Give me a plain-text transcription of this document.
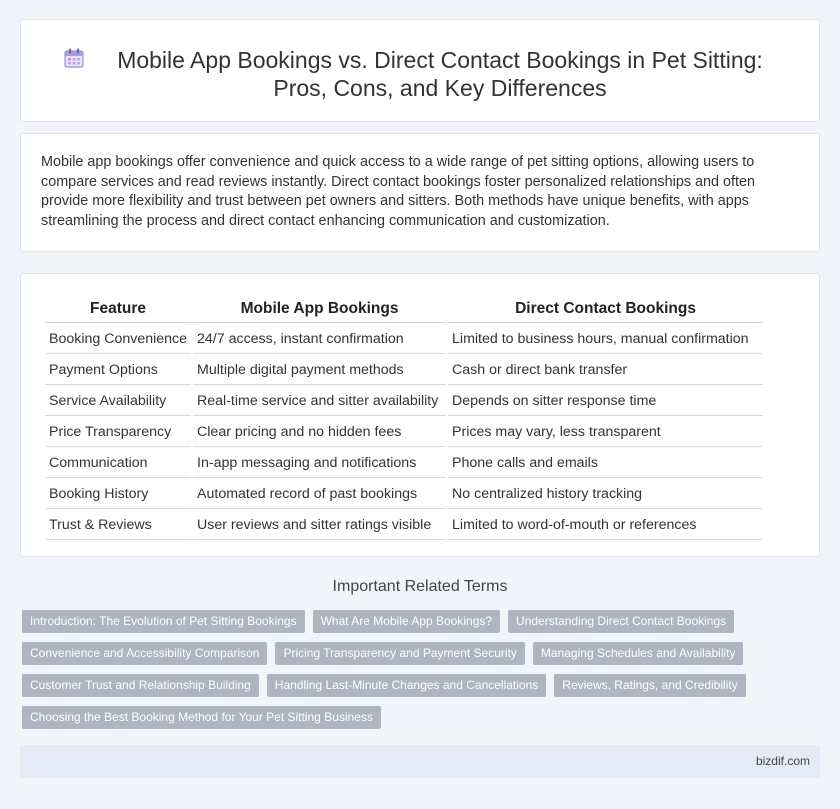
Mobile App Bookings vs. Direct Contact Bookings in Pet Sitting: Pros, Cons, and Key Differences

Mobile app bookings offer convenience and quick access to a wide range of pet sitting options, allowing users to compare services and read reviews instantly. Direct contact bookings foster personalized relationships and often provide more flexibility and trust between pet owners and sitters. Both methods have unique benefits, with apps streamlining the process and direct contact enhancing communication and customization.

Feature	Mobile App Bookings	Direct Contact Bookings
Booking Convenience	24/7 access, instant confirmation	Limited to business hours, manual confirmation
Payment Options	Multiple digital payment methods	Cash or direct bank transfer
Service Availability	Real-time service and sitter availability	Depends on sitter response time
Price Transparency	Clear pricing and no hidden fees	Prices may vary, less transparent
Communication	In-app messaging and notifications	Phone calls and emails
Booking History	Automated record of past bookings	No centralized history tracking
Trust & Reviews	User reviews and sitter ratings visible	Limited to word-of-mouth or references
Important Related Terms
Introduction: The Evolution of Pet Sitting Bookings	What Are Mobile App Bookings?	Understanding Direct Contact Bookings
Convenience and Accessibility Comparison	Pricing Transparency and Payment Security	Managing Schedules and Availability
Customer Trust and Relationship Building	Handling Last-Minute Changes and Cancellations	Reviews, Ratings, and Credibility
Choosing the Best Booking Method for Your Pet Sitting Business
bizdif.com
